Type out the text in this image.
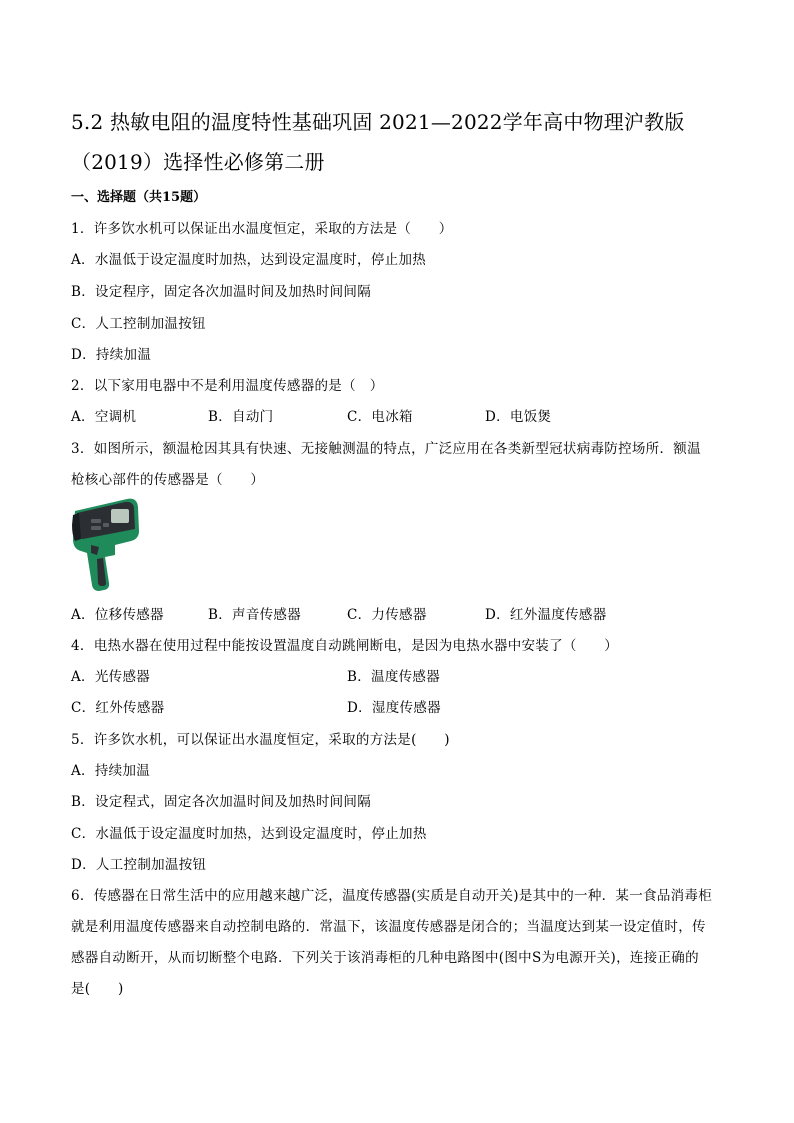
5.2 热敏电阻的温度特性基础巩固 2021—2022学年高中物理沪教版
（2019）选择性必修第二册
一、选择题（共15题）
1．许多饮水机可以保证出水温度恒定，采取的方法是（　　）
A．水温低于设定温度时加热，达到设定温度时，停止加热
B．设定程序，固定各次加温时间及加热时间间隔
C．人工控制加温按钮
D．持续加温
2．以下家用电器中不是利用温度传感器的是（　）
A．空调机	B．自动门	C．电冰箱	D．电饭煲
3．如图所示，额温枪因其具有快速、无接触测温的特点，广泛应用在各类新型冠状病毒防控场所．额温
枪核心部件的传感器是（　　）
A．位移传感器	B．声音传感器	C．力传感器	D．红外温度传感器
4．电热水器在使用过程中能按设置温度自动跳闸断电，是因为电热水器中安装了（　　）
A．光传感器	B．温度传感器
C．红外传感器	D．湿度传感器
5．许多饮水机，可以保证出水温度恒定，采取的方法是(　　)
A．持续加温
B．设定程式，固定各次加温时间及加热时间间隔
C．水温低于设定温度时加热，达到设定温度时，停止加热
D．人工控制加温按钮
6．传感器在日常生活中的应用越来越广泛，温度传感器(实质是自动开关)是其中的一种．某一食品消毒柜
就是利用温度传感器来自动控制电路的．常温下，该温度传感器是闭合的；当温度达到某一设定值时，传
感器自动断开，从而切断整个电路．下列关于该消毒柜的几种电路图中(图中S为电源开关)，连接正确的
是(　　)
